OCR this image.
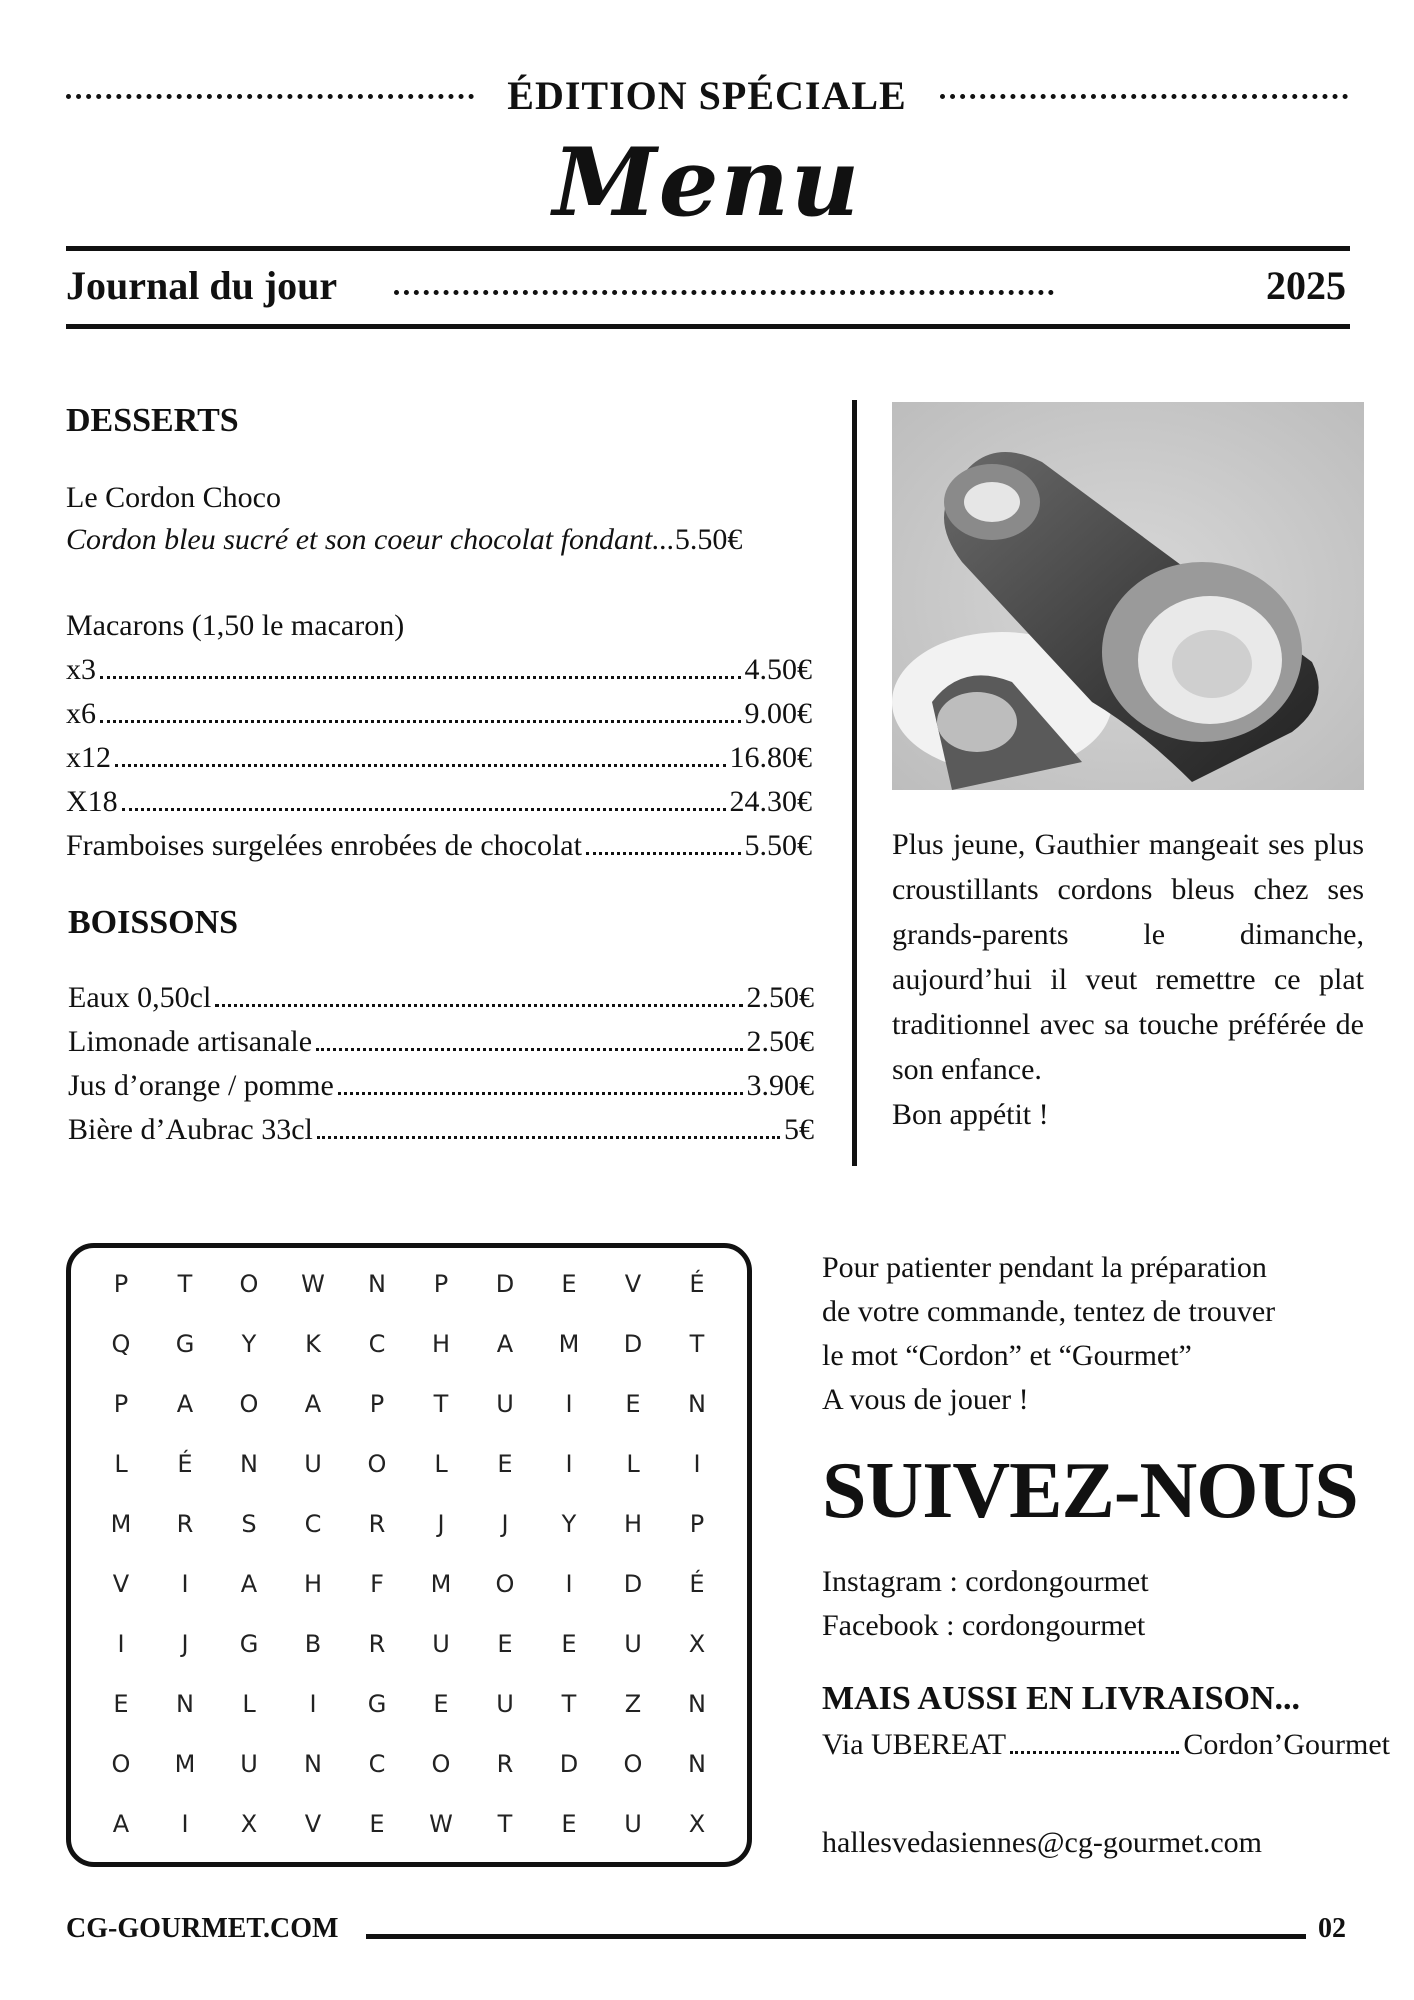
ÉDITION SPÉCIALE
Menu
Journal du jour	2025
DESSERTS
Le Cordon Choco
Cordon bleu sucré et son coeur chocolat fondant...5.50€
Macarons (1,50 le macaron)
x3	4.50€
x6	9.00€
x12	16.80€
X18	24.30€
Framboises surgelées enrobées de chocolat	5.50€
BOISSONS
Eaux 0,50cl	2.50€
Limonade artisanale	2.50€
Jus d’orange / pomme	3.90€
Bière d’Aubrac 33cl	5€
Plus jeune, Gauthier mangeait ses plus croustillants cordons bleus chez ses grands-parents le dimanche, aujourd’hui il veut remettre ce plat traditionnel avec sa touche préférée de son enfance.
Bon appétit !
P	T	O	W	N	P	D	E	V	É
Q	G	Y	K	C	H	A	M	D	T
P	A	O	A	P	T	U	I	E	N
L	É	N	U	O	L	E	I	L	I
M	R	S	C	R	J	J	Y	H	P
V	I	A	H	F	M	O	I	D	É
I	J	G	B	R	U	E	E	U	X
E	N	L	I	G	E	U	T	Z	N
O	M	U	N	C	O	R	D	O	N
A	I	X	V	E	W	T	E	U	X
Pour patienter pendant la préparation
de votre commande, tentez de trouver
le mot “Cordon” et “Gourmet”
A vous de jouer !
SUIVEZ-NOUS
Instagram : cordongourmet
Facebook : cordongourmet
MAIS AUSSI EN LIVRAISON...
Via UBEREAT	Cordon’Gourmet
hallesvedasiennes@cg-gourmet.com
CG-GOURMET.COM	02
